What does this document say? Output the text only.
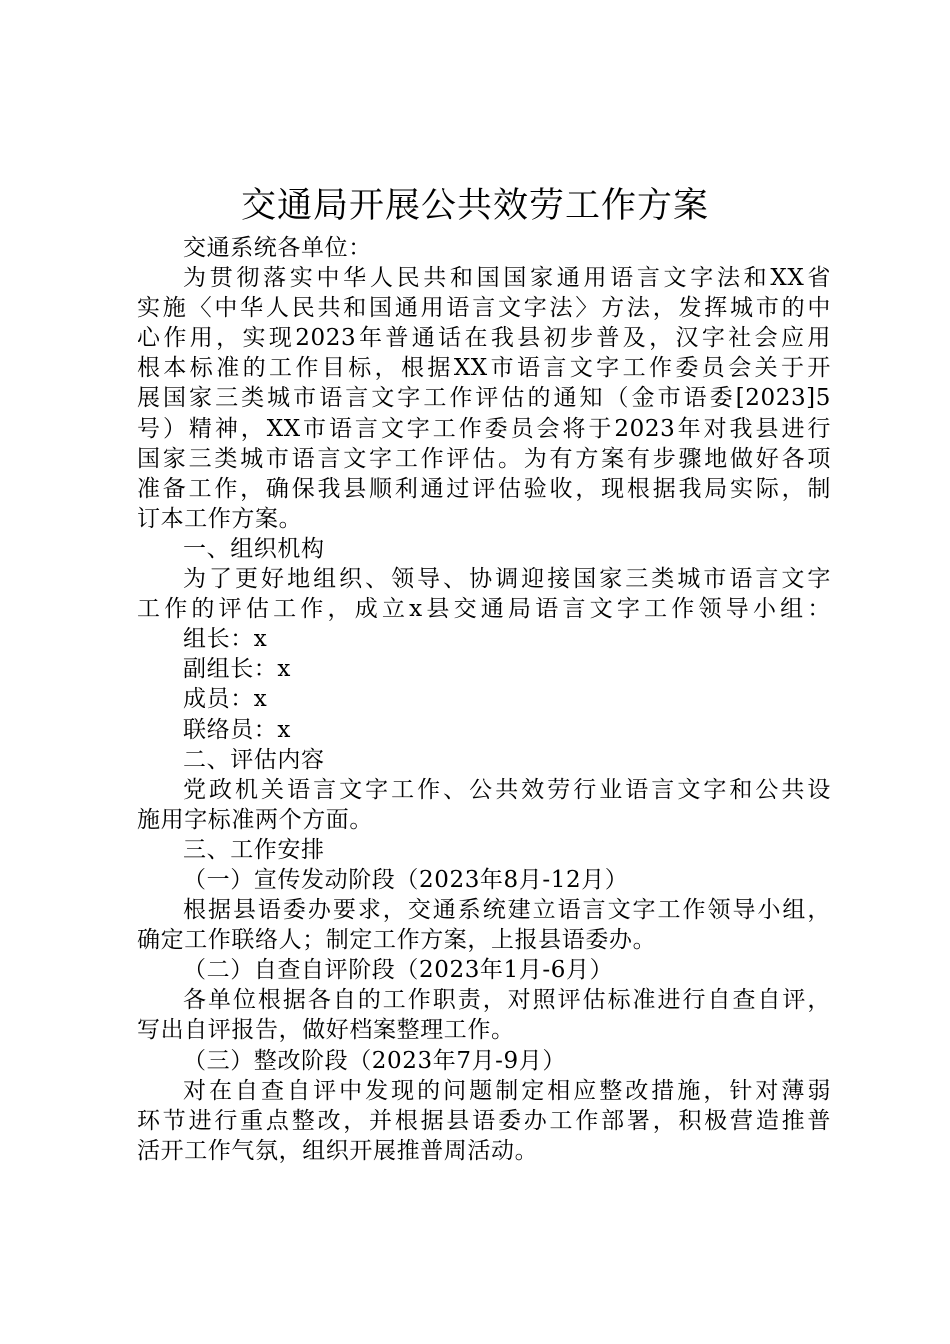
交通局开展公共效劳工作方案

交通系统各单位：

为贯彻落实中华人民共和国国家通用语言文字法和XX省
实施〈中华人民共和国通用语言文字法〉方法，发挥城市的中
心作用，实现2023年普通话在我县初步普及，汉字社会应用
根本标准的工作目标，根据XX市语言文字工作委员会关于开
展国家三类城市语言文字工作评估的通知（金市语委[2023]5
号）精神，XX市语言文字工作委员会将于2023年对我县进行
国家三类城市语言文字工作评估。为有方案有步骤地做好各项
准备工作，确保我县顺利通过评估验收，现根据我局实际，制
订本工作方案。

一、组织机构

为了更好地组织、领导、协调迎接国家三类城市语言文字
工作的评估工作，成立x县交通局语言文字工作领导小组：

组长：x

副组长：x

成员：x

联络员：x

二、评估内容

党政机关语言文字工作、公共效劳行业语言文字和公共设
施用字标准两个方面。

三、工作安排

（一）宣传发动阶段（2023年8月-12月）

根据县语委办要求，交通系统建立语言文字工作领导小组，
确定工作联络人；制定工作方案，上报县语委办。

（二）自查自评阶段（2023年1月-6月）

各单位根据各自的工作职责，对照评估标准进行自查自评，
写出自评报告，做好档案整理工作。

（三）整改阶段（2023年7月-9月）

对在自查自评中发现的问题制定相应整改措施，针对薄弱
环节进行重点整改，并根据县语委办工作部署，积极营造推普
活开工作气氛，组织开展推普周活动。
